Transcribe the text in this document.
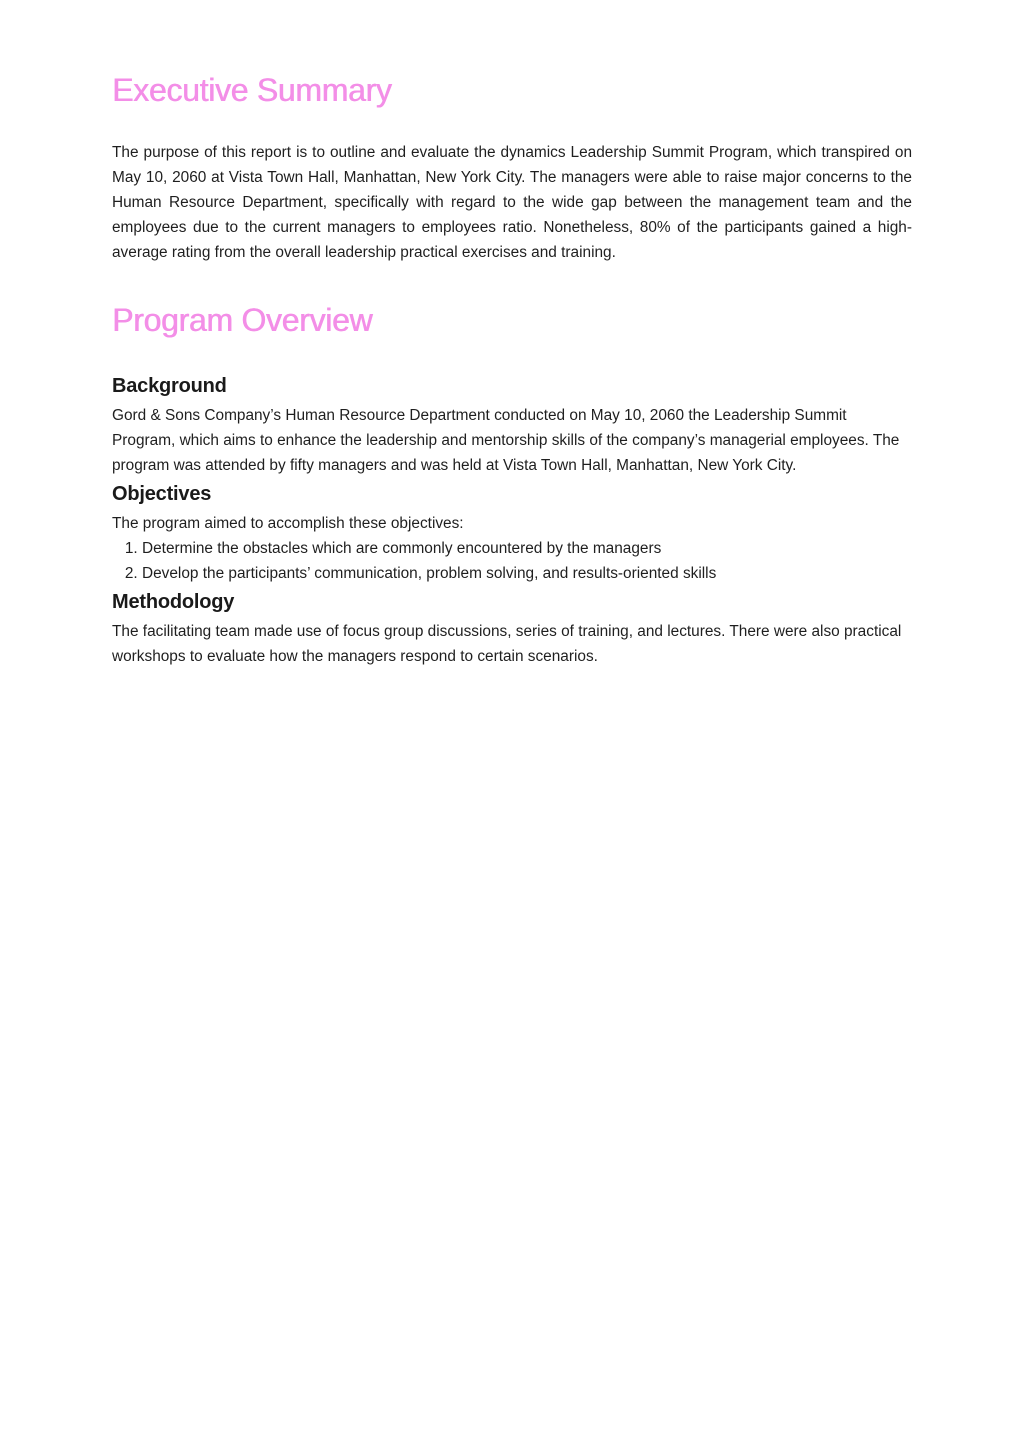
Executive Summary

The purpose of this report is to outline and evaluate the dynamics Leadership Summit Program, which transpired on May 10, 2060 at Vista Town Hall, Manhattan, New York City. The managers were able to raise major concerns to the Human Resource Department, specifically with regard to the wide gap between the management team and the employees due to the current managers to employees ratio. Nonetheless, 80% of the participants gained a high-average rating from the overall leadership practical exercises and training.

Program Overview
Background

Gord & Sons Company’s Human Resource Department conducted on May 10, 2060 the Leadership Summit Program, which aims to enhance the leadership and mentorship skills of the company’s managerial employees. The program was attended by fifty managers and was held at Vista Town Hall, Manhattan, New York City.

Objectives

The program aimed to accomplish these objectives:

1. Determine the obstacles which are commonly encountered by the managers
2. Develop the participants’ communication, problem solving, and results-oriented skills
Methodology

The facilitating team made use of focus group discussions, series of training, and lectures. There were also practical workshops to evaluate how the managers respond to certain scenarios.
